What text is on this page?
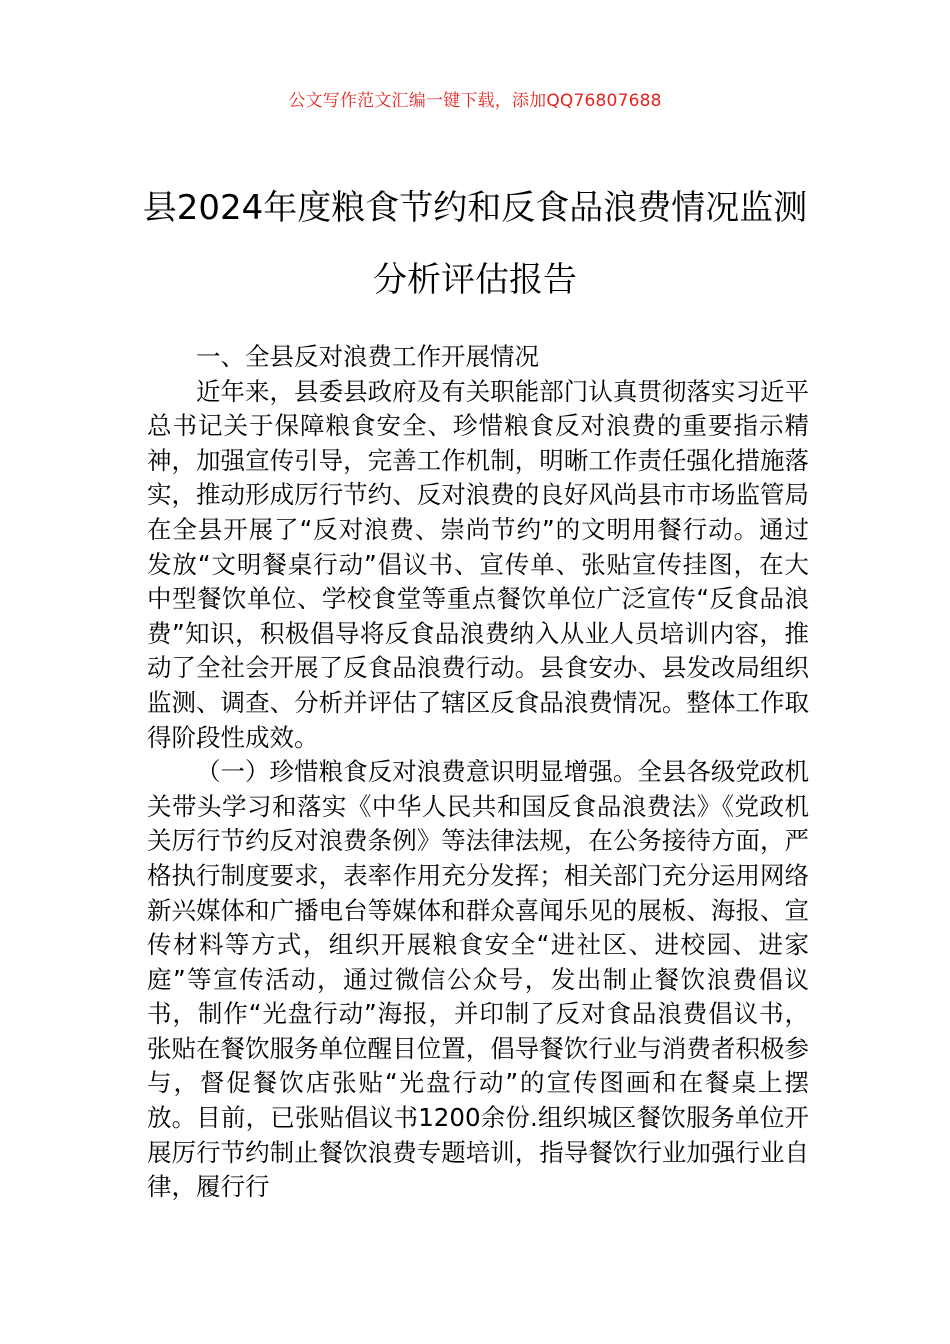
公文写作范文汇编一键下载，添加QQ76807688
县2024年度粮食节约和反食品浪费情况监测分析评估报告

一、全县反对浪费工作开展情况

近年来，县委县政府及有关职能部门认真贯彻落实习近平总书记关于保障粮食安全、珍惜粮食反对浪费的重要指示精神，加强宣传引导，完善工作机制，明晰工作责任强化措施落实，推动形成厉行节约、反对浪费的良好风尚县市市场监管局在全县开展了“反对浪费、崇尚节约”的文明用餐行动。通过发放“文明餐桌行动”倡议书、宣传单、张贴宣传挂图，在大中型餐饮单位、学校食堂等重点餐饮单位广泛宣传“反食品浪费”知识，积极倡导将反食品浪费纳入从业人员培训内容，推动了全社会开展了反食品浪费行动。县食安办、县发改局组织监测、调查、分析并评估了辖区反食品浪费情况。整体工作取得阶段性成效。

（一）珍惜粮食反对浪费意识明显增强。全县各级党政机关带头学习和落实《中华人民共和国反食品浪费法》《党政机关厉行节约反对浪费条例》等法律法规，在公务接待方面，严格执行制度要求，表率作用充分发挥；相关部门充分运用网络新兴媒体和广播电台等媒体和群众喜闻乐见的展板、海报、宣传材料等方式，组织开展粮食安全“进社区、进校园、进家庭”等宣传活动，通过微信公众号，发出制止餐饮浪费倡议书，制作“光盘行动”海报，并印制了反对食品浪费倡议书，张贴在餐饮服务单位醒目位置，倡导餐饮行业与消费者积极参与，督促餐饮店张贴“光盘行动”的宣传图画和在餐桌上摆放。目前，已张贴倡议书1200余份.组织城区餐饮服务单位开展厉行节约制止餐饮浪费专题培训，指导餐饮行业加强行业自律，履行行
